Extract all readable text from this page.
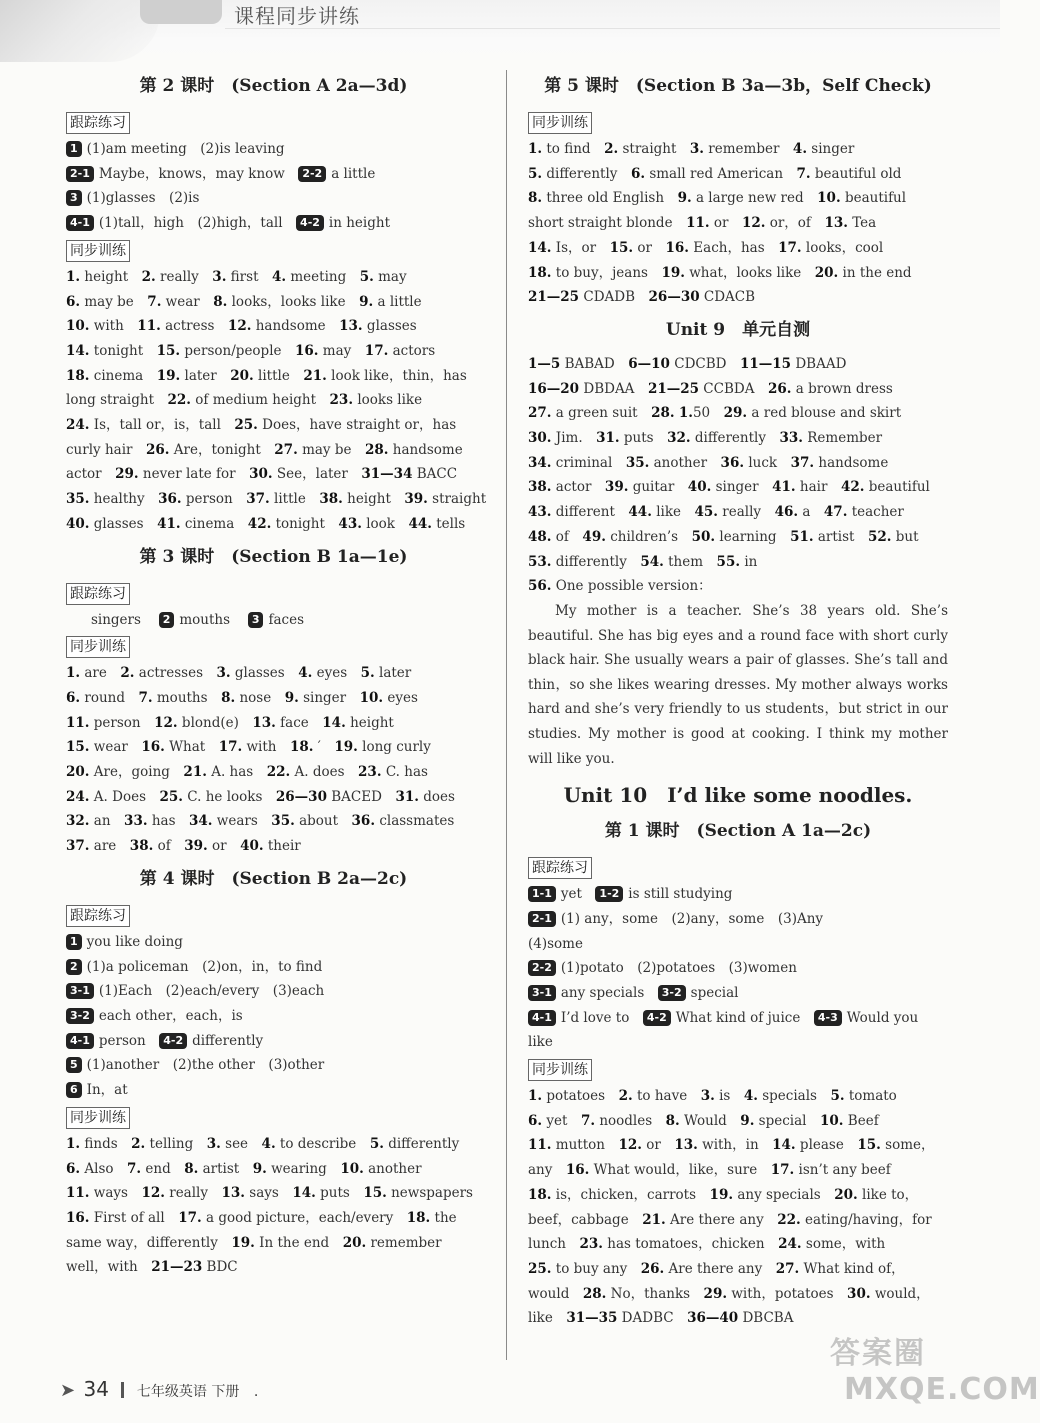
课程同步讲练
第 2 课时　(Section A 2a—3d)
跟踪练习
1 (1)am meeting　(2)is leaving
2-1 Maybe，knows，may know　 2-2 a little
3 (1)glasses　(2)is
4-1 (1)tall，high　(2)high，tall　 4-2 in height
同步训练
1. height　2. really　3. first　4. meeting　5. may
6. may be　7. wear　8. looks，looks like　9. a little
10. with　11. actress　12. handsome　13. glasses
14. tonight　15. person/people　16. may　17. actors
18. cinema　19. later　20. little　21. look like，thin，has
long straight　22. of medium height　23. looks like
24. Is，tall or，is，tall　25. Does，have straight or，has
curly hair　26. Are，tonight　27. may be　28. handsome
actor　29. never late for　30. See，later　31—34 BACC
35. healthy　36. person　37. little　38. height　39. straight
40. glasses　41. cinema　42. tonight　43. look　44. tells
第 3 课时　(Section B 1a—1e)
跟踪练习
singers　 2 mouths　 3 faces
同步训练
1. are　2. actresses　3. glasses　4. eyes　5. later
6. round　7. mouths　8. nose　9. singer　10. eyes
11. person　12. blond(e)　13. face　14. height
15. wear　16. What　17. with　18. ′　19. long curly
20. Are，going　21. A. has　22. A. does　23. C. has
24. A. Does　25. C. he looks　26—30 BACED　31. does
32. an　33. has　34. wears　35. about　36. classmates
37. are　38. of　39. or　40. their
第 4 课时　(Section B 2a—2c)
跟踪练习
1 you like doing
2 (1)a policeman　(2)on，in，to find
3-1 (1)Each　(2)each/every　(3)each
3-2 each other，each，is
4-1 person　 4-2 differently
5 (1)another　(2)the other　(3)other
6 In，at
同步训练
1. finds　2. telling　3. see　4. to describe　5. differently
6. Also　7. end　8. artist　9. wearing　10. another
11. ways　12. really　13. says　14. puts　15. newspapers
16. First of all　17. a good picture，each/every　18. the
same way，differently　19. In the end　20. remember
well，with　21—23 BDC
第 5 课时　(Section B 3a—3b，Self Check)
同步训练
1. to find　2. straight　3. remember　4. singer
5. differently　6. small red American　7. beautiful old
8. three old English　9. a large new red　10. beautiful
short straight blonde　11. or　12. or，of　13. Tea
14. Is，or　15. or　16. Each，has　17. looks，cool
18. to buy，jeans　19. what，looks like　20. in the end
21—25 CDADB　26—30 CDACB
Unit 9　单元自测
1—5 BABAD　6—10 CDCBD　11—15 DBAAD
16—20 DBDAA　21—25 CCBDA　26. a brown dress
27. a green suit　28. 1.50　29. a red blouse and skirt
30. Jim.　31. puts　32. differently　33. Remember
34. criminal　35. another　36. luck　37. handsome
38. actor　39. guitar　40. singer　41. hair　42. beautiful
43. different　44. like　45. really　46. a　47. teacher
48. of　49. children’s　50. learning　51. artist　52. but
53. differently　54. them　55. in
56. One possible version：
My mother is a teacher. She’s 38 years old. She’s beautiful. She has big eyes and a round face with short curly black hair. She usually wears a pair of glasses. She’s tall and thin，so she likes wearing dresses. My mother always works hard and she’s very friendly to us students，but strict in our studies. My mother is good at cooking. I think my mother will like you.
Unit 10　I’d like some noodles.
第 1 课时　(Section A 1a—2c)
跟踪练习
1-1 yet　 1-2 is still studying
2-1 (1) any，some　(2)any，some　(3)Any
(4)some
2-2 (1)potato　(2)potatoes　(3)women
3-1 any specials　 3-2 special
4-1 I’d love to　 4-2 What kind of juice　 4-3 Would you
like
同步训练
1. potatoes　2. to have　3. is　4. specials　5. tomato
6. yet　7. noodles　8. Would　9. special　10. Beef
11. mutton　12. or　13. with，in　14. please　15. some，
any　16. What would，like，sure　17. isn’t any beef
18. is，chicken，carrots　19. any specials　20. like to，
beef，cabbage　21. Are there any　22. eating/having，for
lunch　23. has tomatoes，chicken　24. some，with
25. to buy any　26. Are there any　27. What kind of，
would　28. No，thanks　29. with，potatoes　30. would，
like　31—35 DADBC　36—40 DBCBA
➤ 34 七年级英语 下册 .
答案圈
MXQE.COM
